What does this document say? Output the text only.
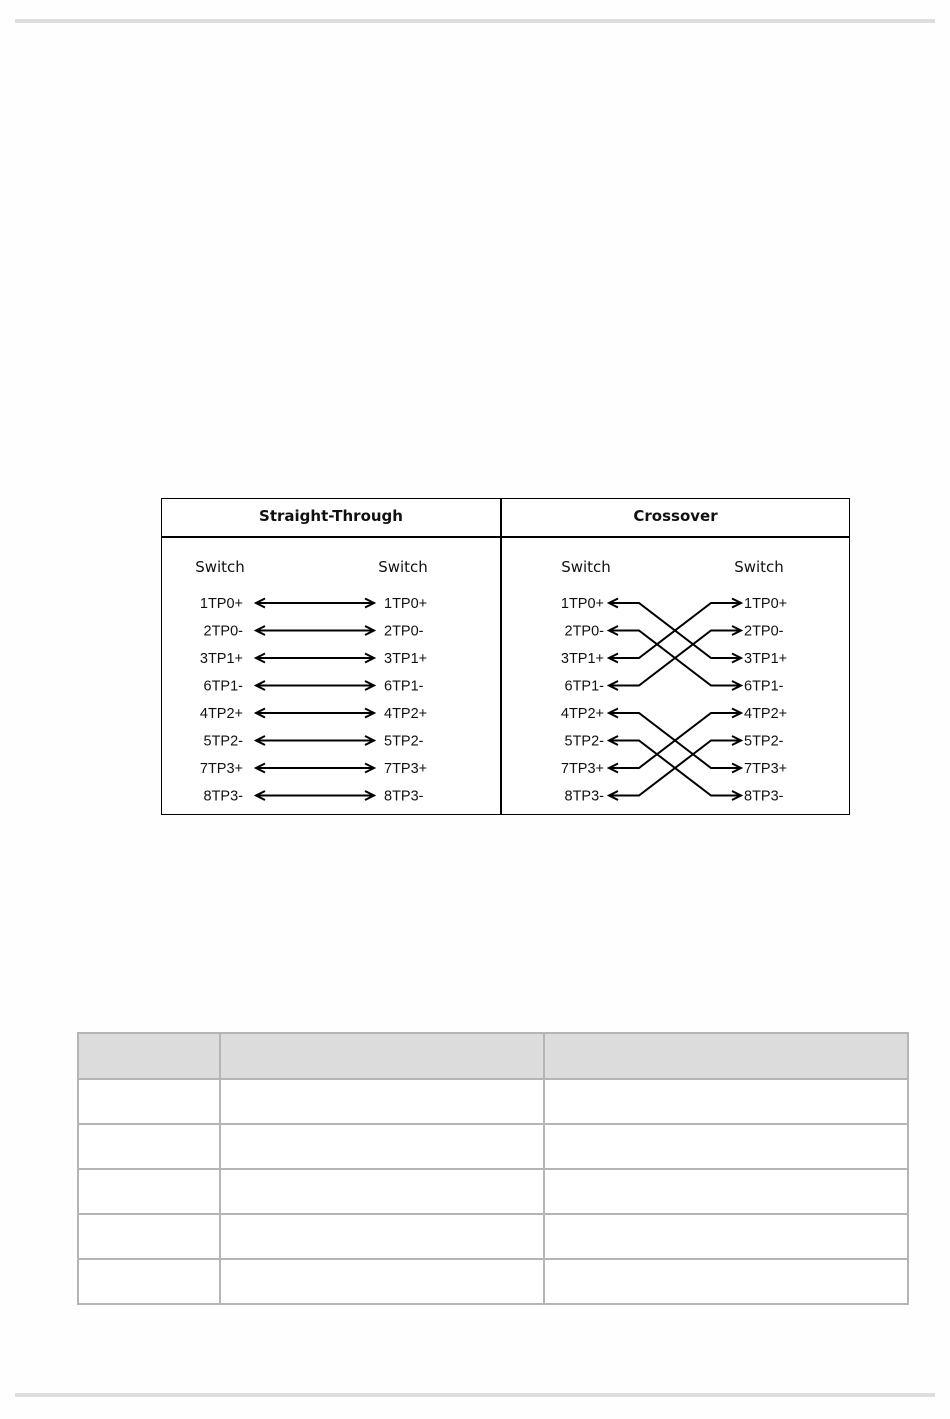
Straight-Through	Crossover
Switch	Switch	Switch	Switch
1TP0+	1TP0+
2TP0-	2TP0-
3TP1+	3TP1+
6TP1-	6TP1-
4TP2+	4TP2+
5TP2-	5TP2-
7TP3+	7TP3+
8TP3-	8TP3-
1TP0+	1TP0+
2TP0-	2TP0-
3TP1+	3TP1+
6TP1-	6TP1-
4TP2+	4TP2+
5TP2-	5TP2-
7TP3+	7TP3+
8TP3-	8TP3-
